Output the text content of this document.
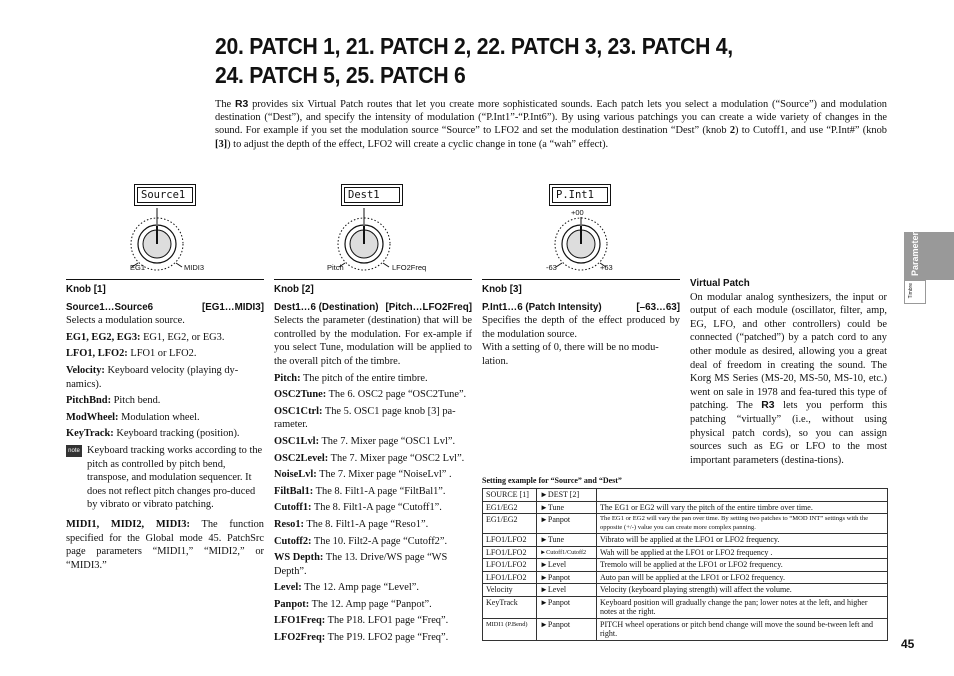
20. PATCH 1, 21. PATCH 2, 22. PATCH 3, 23. PATCH 4,
24. PATCH 5, 25. PATCH 6
The R3 provides six Virtual Patch routes that let you create more sophisticated sounds. Each patch lets you select a modulation (“Source”) and modulation destination (“Dest”), and specify the intensity of modulation (“P.Int1”-“P.Int6”). By using various patchings you can create a wide variety of changes in the sound. For example if you set the modulation source “Source” to LFO2 and set the modulation destination “Dest” (knob 2) to Cutoff1, and use “P.Int#” (knob [3]) to adjust the depth of the effect, LFO2 will create a cyclic change in tone (a “wah” effect).
Source1	Dest1	P.Int1
EG1	MIDI3	Pitch	LFO2Freq
+00
-63	+63
Knob [1]
Source1…Source6	[EG1…MIDI3]

Selects a modulation source.

EG1, EG2, EG3: EG1, EG2, or EG3.

LFO1, LFO2: LFO1 or LFO2.

Velocity: Keyboard velocity (playing dy-namics).

PitchBnd: Pitch bend.

ModWheel: Modulation wheel.

KeyTrack: Keyboard tracking (position).

note Keyboard tracking works according to the pitch as controlled by pitch bend, transpose, and modulation sequencer. It does not reflect pitch changes pro-duced by vibrato or vibrato patching.

MIDI1, MIDI2, MIDI3: The function specified for the Global mode 45. PatchSrc page parameters “MIDI1,” “MIDI2,” or “MIDI3.”

Knob [2]
Dest1…6 (Destination) [Pitch…LFO2Freq]

Selects the parameter (destination) that will be controlled by the modulation. For ex-ample if you select Tune, modulation will be applied to the overall pitch of the timbre.

Pitch: The pitch of the entire timbre.

OSC2Tune: The 6. OSC2 page “OSC2Tune”.

OSC1Ctrl: The 5. OSC1 page knob [3] pa-rameter.

OSC1Lvl: The 7. Mixer page “OSC1 Lvl”.

OSC2Level: The 7. Mixer page “OSC2 Lvl”.

NoiseLvl: The 7. Mixer page “NoiseLvl” .

FiltBal1: The 8. Filt1-A page “FiltBal1”.

Cutoff1: The 8. Filt1-A page “Cutoff1”.

Reso1: The 8. Filt1-A page “Reso1”.

Cutoff2: The 10. Filt2-A page “Cutoff2”.

WS Depth: The 13. Drive/WS page “WS Depth”.

Level: The 12. Amp page “Level”.

Panpot: The 12. Amp page “Panpot”.

LFO1Freq: The P18. LFO1 page “Freq”.

LFO2Freq: The P19. LFO2 page “Freq”.

Knob [3]
P.Int1…6 (Patch Intensity)	[–63…63]

Specifies the depth of the effect produced by the modulation source.

With a setting of 0, there will be no modu-lation.

Virtual Patch
On modular analog synthesizers, the input or output of each module (oscillator, filter, amp, EG, LFO, and other controllers) could be connected (“patched”) by a patch cord to any other module as desired, allowing you a great deal of freedom in creating the sound. The Korg MS Series (MS-20, MS-50, MS-10, etc.) went on sale in 1978 and fea-tured this type of patching. The R3 lets you perform this patching “virtually” (i.e., without using physical patch cords), so you can assign sources such as EG or LFO to the most important parameters (destina-tions).
Setting example for “Source” and “Dest”
SOURCE [1]	►DEST [2]	
EG1/EG2	►Tune	The EG1 or EG2 will vary the pitch of the entire timbre over time.
EG1/EG2	►Panpot	The EG1 or EG2 will vary the pan over time. By setting two patches to “MOD INT” settings with the opposite (+/-) value you can create more complex panning.
LFO1/LFO2	►Tune	Vibrato will be applied at the LFO1 or LFO2 frequency.
LFO1/LFO2	►Cutoff1/Cutoff2	Wah will be applied at the LFO1 or LFO2 frequency .
LFO1/LFO2	►Level	Tremolo will be applied at the LFO1 or LFO2 frequency.
LFO1/LFO2	►Panpot	Auto pan will be applied at the LFO1 or LFO2 frequency.
Velocity	►Level	Velocity (keyboard playing strength) will affect the volume.
KeyTrack	►Panpot	Keyboard position will gradually change the pan; lower notes at the left, and higher notes at the right.
MIDI1 (P.Bend)	►Panpot	PITCH wheel operations or pitch bend change will move the sound be-tween left and right.
Parameters
Timbre
45
